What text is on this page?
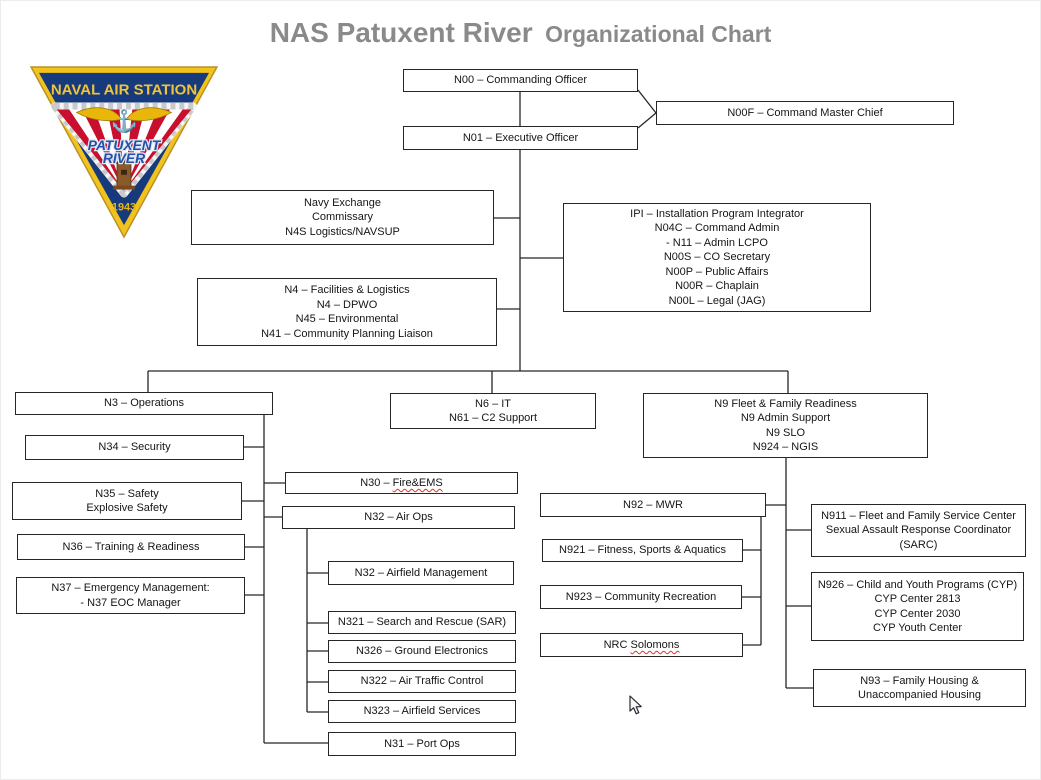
NAS Patuxent River Organizational Chart
⚓
NAVAL AIR STATION
PATUXENT
RIVER
1943
N00 – Commanding Officer
N01 – Executive Officer
N00F – Command Master Chief
Navy Exchange
Commissary
N4S Logistics/NAVSUP
N4 – Facilities & Logistics
N4 – DPWO
N45 – Environmental
N41 – Community Planning Liaison
IPI – Installation Program Integrator
N04C – Command Admin
- N11 – Admin LCPO
N00S – CO Secretary
N00P – Public Affairs
N00R – Chaplain
N00L – Legal (JAG)
N3 – Operations	N6 – IT
N61 – C2 Support
N9 Fleet & Family Readiness
N9 Admin Support
N9 SLO
N924 – NGIS
N34 – Security
N35 – Safety
Explosive Safety
N36 – Training & Readiness
N37 – Emergency Management:
- N37 EOC Manager
N30 – Fire&EMS
N32 – Air Ops
N32 – Airfield Management
N321 – Search and Rescue (SAR)
N326 – Ground Electronics
N322 – Air Traffic Control
N323 – Airfield Services
N31 – Port Ops
N92 – MWR
N921 – Fitness, Sports & Aquatics
N923 – Community Recreation
NRC Solomons
N911 – Fleet and Family Service Center
Sexual Assault Response Coordinator
(SARC)
N926 – Child and Youth Programs (CYP)
CYP Center 2813
CYP Center 2030
CYP Youth Center
N93 – Family Housing &
Unaccompanied Housing
